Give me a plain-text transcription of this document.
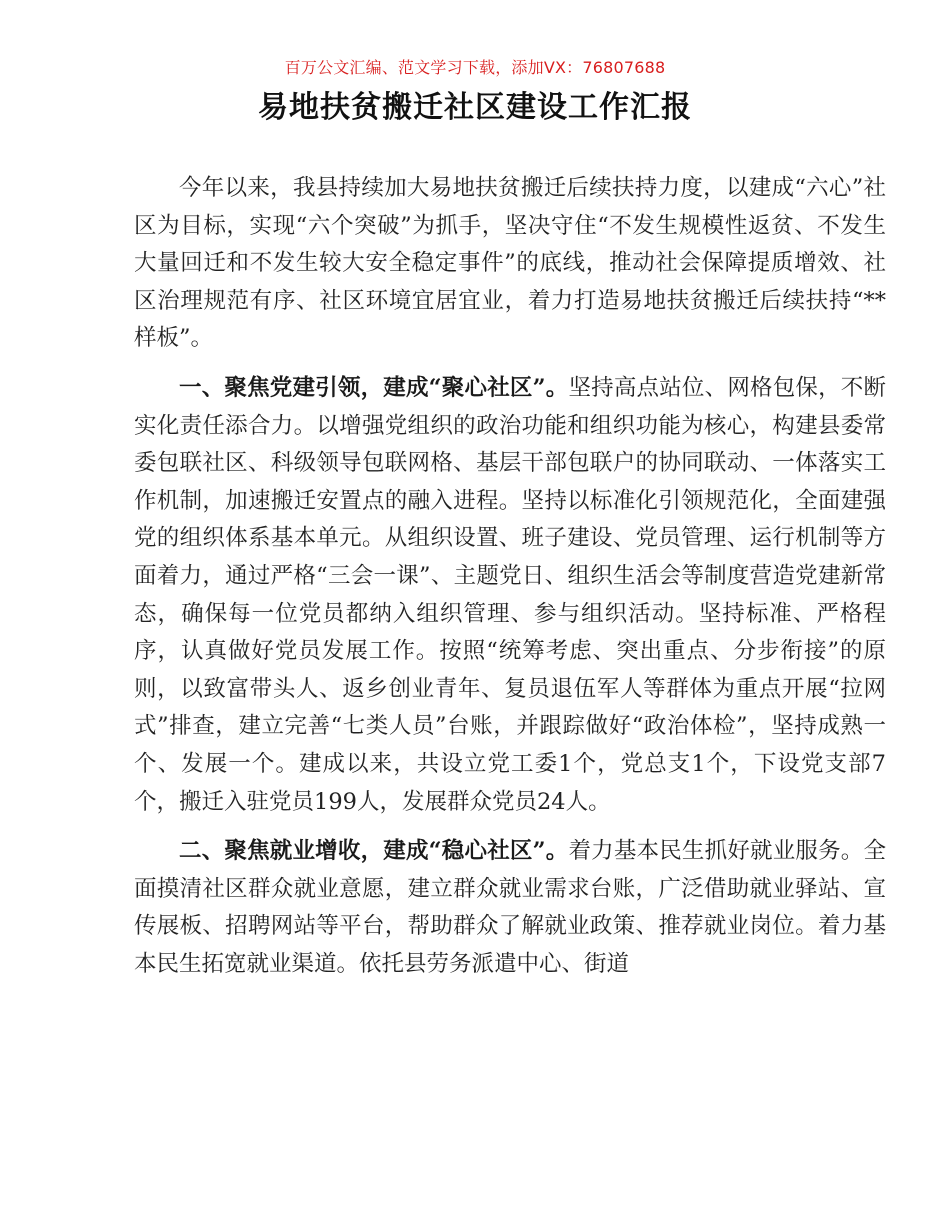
百万公文汇编、范文学习下载，添加VX：76807688
易地扶贫搬迁社区建设工作汇报

今年以来，我县持续加大易地扶贫搬迁后续扶持力度，以建成“六心”社区为目标，实现“六个突破”为抓手，坚决守住“不发生规模性返贫、不发生大量回迁和不发生较大安全稳定事件”的底线，推动社会保障提质增效、社区治理规范有序、社区环境宜居宜业，着力打造易地扶贫搬迁后续扶持“**样板”。

一、聚焦党建引领，建成“聚心社区”。坚持高点站位、网格包保，不断实化责任添合力。以增强党组织的政治功能和组织功能为核心，构建县委常委包联社区、科级领导包联网格、基层干部包联户的协同联动、一体落实工作机制，加速搬迁安置点的融入进程。坚持以标准化引领规范化，全面建强党的组织体系基本单元。从组织设置、班子建设、党员管理、运行机制等方面着力，通过严格“三会一课”、主题党日、组织生活会等制度营造党建新常态，确保每一位党员都纳入组织管理、参与组织活动。坚持标准、严格程序，认真做好党员发展工作。按照“统筹考虑、突出重点、分步衔接”的原则，以致富带头人、返乡创业青年、复员退伍军人等群体为重点开展“拉网式”排查，建立完善“七类人员”台账，并跟踪做好“政治体检”，坚持成熟一个、发展一个。建成以来，共设立党工委1个，党总支1个，下设党支部7个，搬迁入驻党员199人，发展群众党员24人。

二、聚焦就业增收，建成“稳心社区”。着力基本民生抓好就业服务。全面摸清社区群众就业意愿，建立群众就业需求台账，广泛借助就业驿站、宣传展板、招聘网站等平台，帮助群众了解就业政策、推荐就业岗位。着力基本民生拓宽就业渠道。依托县劳务派遣中心、街道
